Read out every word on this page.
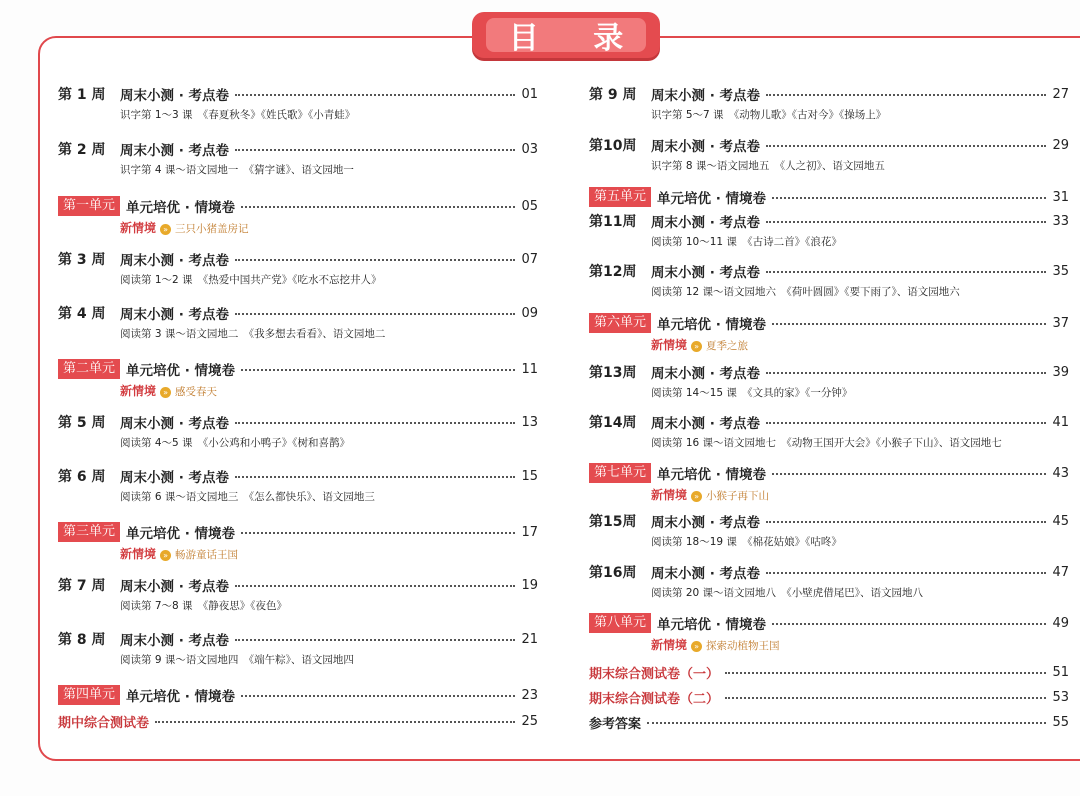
目 录
第 1 周	周末小测 · 考点卷	01
识字第 1～3 课　《春夏秋冬》《姓氏歌》《小青蛙》
第 2 周	周末小测 · 考点卷	03
识字第 4 课～语文园地一　《猜字谜》、语文园地一
第一单元 单元培优 · 情境卷	05
新情境 » 三只小猪盖房记
第 3 周	周末小测 · 考点卷	07
阅读第 1～2 课　《热爱中国共产党》《吃水不忘挖井人》
第 4 周	周末小测 · 考点卷	09
阅读第 3 课～语文园地二　《我多想去看看》、语文园地二
第二单元 单元培优 · 情境卷	11
新情境 » 感受春天
第 5 周	周末小测 · 考点卷	13
阅读第 4～5 课　《小公鸡和小鸭子》《树和喜鹊》
第 6 周	周末小测 · 考点卷	15
阅读第 6 课～语文园地三　《怎么都快乐》、语文园地三
第三单元 单元培优 · 情境卷	17
新情境 » 畅游童话王国
第 7 周	周末小测 · 考点卷	19
阅读第 7～8 课　《静夜思》《夜色》
第 8 周	周末小测 · 考点卷	21
阅读第 9 课～语文园地四　《端午粽》、语文园地四
第四单元 单元培优 · 情境卷	23
期中综合测试卷	25
第 9 周	周末小测 · 考点卷	27
识字第 5～7 课　《动物儿歌》《古对今》《操场上》
第10周	周末小测 · 考点卷	29
识字第 8 课～语文园地五　《人之初》、语文园地五
第五单元 单元培优 · 情境卷	31
第11周	周末小测 · 考点卷	33
阅读第 10～11 课　《古诗二首》《浪花》
第12周	周末小测 · 考点卷	35
阅读第 12 课～语文园地六　《荷叶圆圆》《要下雨了》、语文园地六
第六单元 单元培优 · 情境卷	37
新情境 » 夏季之旅
第13周	周末小测 · 考点卷	39
阅读第 14～15 课　《文具的家》《一分钟》
第14周	周末小测 · 考点卷	41
阅读第 16 课～语文园地七　《动物王国开大会》《小猴子下山》、语文园地七
第七单元 单元培优 · 情境卷	43
新情境 » 小猴子再下山
第15周	周末小测 · 考点卷	45
阅读第 18～19 课　《棉花姑娘》《咕咚》
第16周	周末小测 · 考点卷	47
阅读第 20 课～语文园地八　《小壁虎借尾巴》、语文园地八
第八单元 单元培优 · 情境卷	49
新情境 » 探索动植物王国
期末综合测试卷（一）	51
期末综合测试卷（二）	53
参考答案	55
